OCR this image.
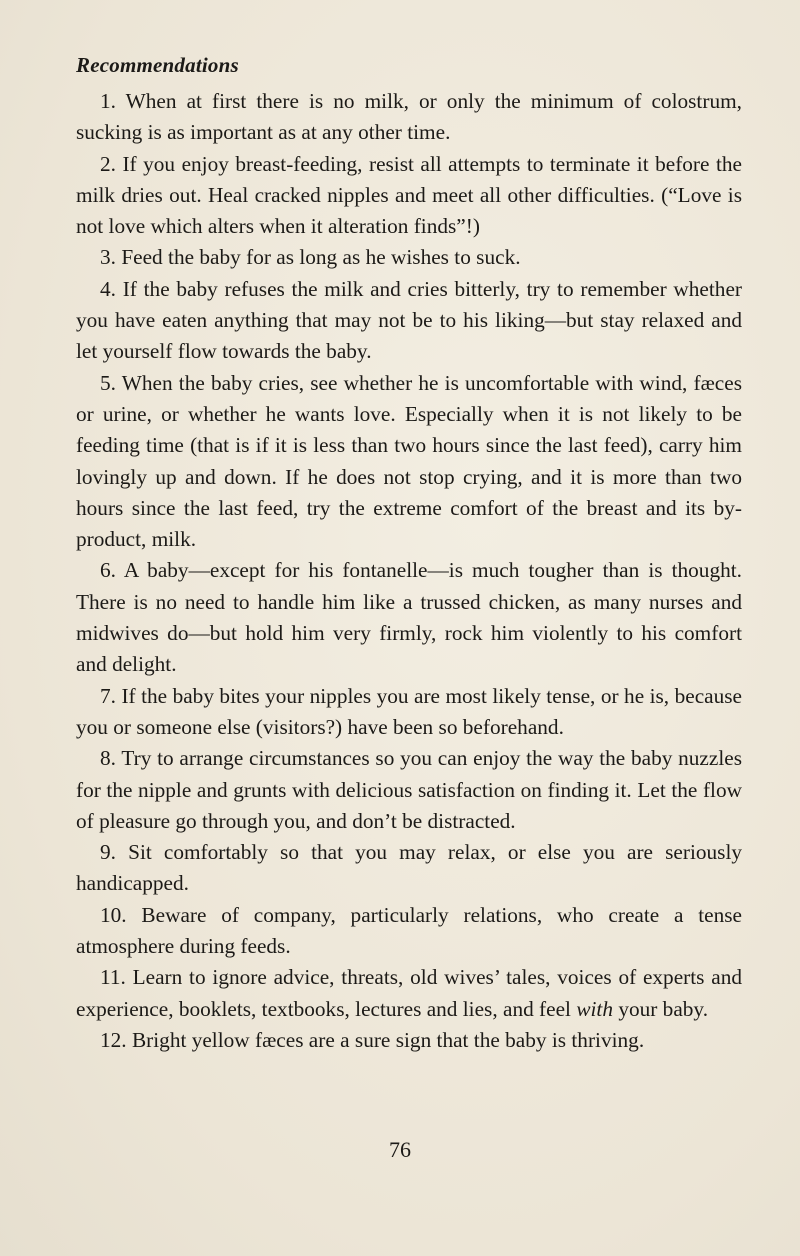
Recommendations

1. When at first there is no milk, or only the minimum of colostrum, sucking is as important as at any other time.

2. If you enjoy breast-feeding, resist all attempts to terminate it before the milk dries out. Heal cracked nipples and meet all other difficulties. (“Love is not love which alters when it alteration finds”!)

3. Feed the baby for as long as he wishes to suck.

4. If the baby refuses the milk and cries bitterly, try to remember whether you have eaten anything that may not be to his liking—but stay relaxed and let yourself flow towards the baby.

5. When the baby cries, see whether he is uncomfortable with wind, fæces or urine, or whether he wants love. Especially when it is not likely to be feeding time (that is if it is less than two hours since the last feed), carry him lovingly up and down. If he does not stop crying, and it is more than two hours since the last feed, try the extreme comfort of the breast and its by-product, milk.

6. A baby—except for his fontanelle—is much tougher than is thought. There is no need to handle him like a trussed chicken, as many nurses and midwives do—but hold him very firmly, rock him violently to his comfort and delight.

7. If the baby bites your nipples you are most likely tense, or he is, because you or someone else (visitors?) have been so beforehand.

8. Try to arrange circumstances so you can enjoy the way the baby nuzzles for the nipple and grunts with delicious satisfaction on finding it. Let the flow of pleasure go through you, and don’t be distracted.

9. Sit comfortably so that you may relax, or else you are seriously handicapped.

10. Beware of company, particularly relations, who create a tense atmosphere during feeds.

11. Learn to ignore advice, threats, old wives’ tales, voices of experts and experience, booklets, textbooks, lectures and lies, and feel with your baby.

12. Bright yellow fæces are a sure sign that the baby is thriving.

76
